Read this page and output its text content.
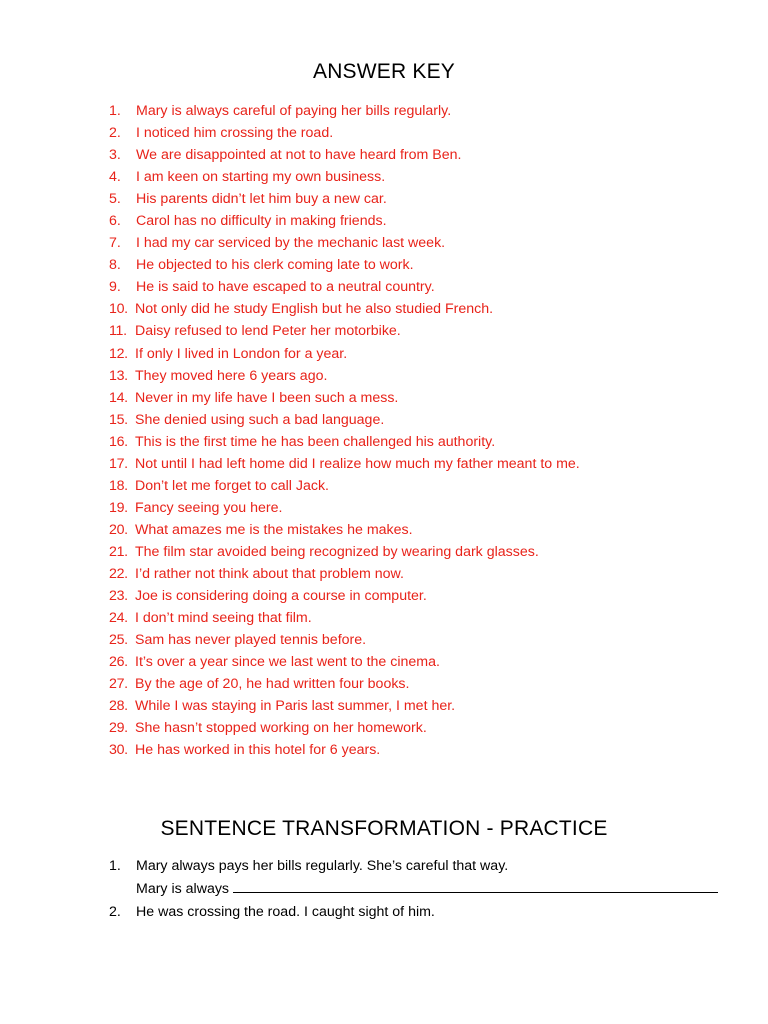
ANSWER KEY
1. Mary is always careful of paying her bills regularly.
2. I noticed him crossing the road.
3. We are disappointed at not to have heard from Ben.
4. I am keen on starting my own business.
5. His parents didn’t let him buy a new car.
6. Carol has no difficulty in making friends.
7. I had my car serviced by the mechanic last week.
8. He objected to his clerk coming late to work.
9. He is said to have escaped to a neutral country.
10. Not only did he study English but he also studied French.
11. Daisy refused to lend Peter her motorbike.
12. If only I lived in London for a year.
13. They moved here 6 years ago.
14. Never in my life have I been such a mess.
15. She denied using such a bad language.
16. This is the first time he has been challenged his authority.
17. Not until I had left home did I realize how much my father meant to me.
18. Don’t let me forget to call Jack.
19. Fancy seeing you here.
20. What amazes me is the mistakes he makes.
21. The film star avoided being recognized by wearing dark glasses.
22. I’d rather not think about that problem now.
23. Joe is considering doing a course in computer.
24. I don’t mind seeing that film.
25. Sam has never played tennis before.
26. It’s over a year since we last went to the cinema.
27. By the age of 20, he had written four books.
28. While I was staying in Paris last summer, I met her.
29. She hasn’t stopped working on her homework.
30. He has worked in this hotel for 6 years.
SENTENCE TRANSFORMATION - PRACTICE
1. Mary always pays her bills regularly. She’s careful that way.
Mary is always
2. He was crossing the road. I caught sight of him.
